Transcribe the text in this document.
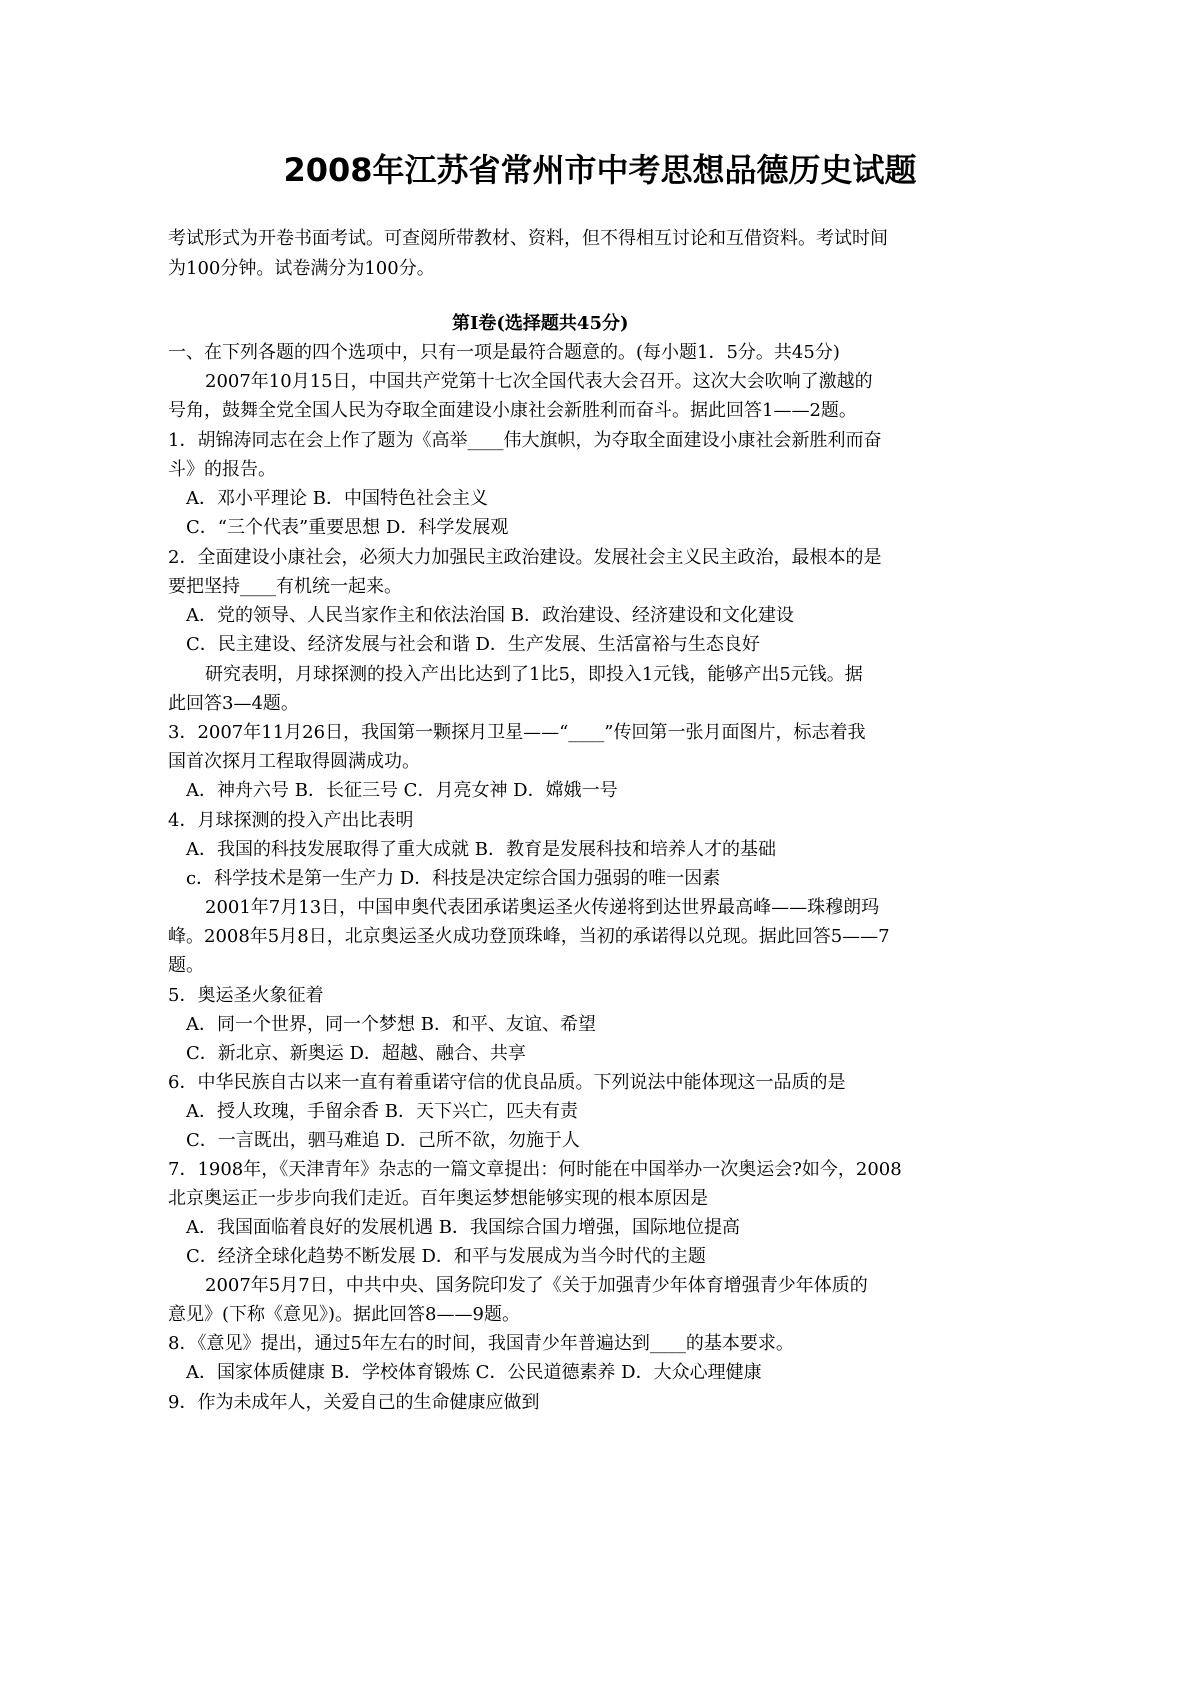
2008年江苏省常州市中考思想品德历史试题
考试形式为开卷书面考试。可查阅所带教材、资料，但不得相互讨论和互借资料。考试时间
为100分钟。试卷满分为100分。
第Ⅰ卷(选择题共45分)
一、在下列各题的四个选项中，只有一项是最符合题意的。(每小题1．5分。共45分)
2007年10月15日，中国共产党第十七次全国代表大会召开。这次大会吹响了激越的
号角，鼓舞全党全国人民为夺取全面建设小康社会新胜利而奋斗。据此回答1——2题。
1．胡锦涛同志在会上作了题为《高举____伟大旗帜，为夺取全面建设小康社会新胜利而奋
斗》的报告。
A．邓小平理论 B．中国特色社会主义
C．“三个代表”重要思想 D．科学发展观
2．全面建设小康社会，必须大力加强民主政治建设。发展社会主义民主政治，最根本的是
要把坚持____有机统一起来。
A．党的领导、人民当家作主和依法治国 B．政治建设、经济建设和文化建设
C．民主建设、经济发展与社会和谐 D．生产发展、生活富裕与生态良好
研究表明，月球探测的投入产出比达到了1比5，即投入1元钱，能够产出5元钱。据
此回答3—4题。
3．2007年11月26日，我国第一颗探月卫星——“____”传回第一张月面图片，标志着我
国首次探月工程取得圆满成功。
A．神舟六号 B．长征三号 C．月亮女神 D．嫦娥一号
4．月球探测的投入产出比表明
A．我国的科技发展取得了重大成就 B．教育是发展科技和培养人才的基础
c．科学技术是第一生产力 D．科技是决定综合国力强弱的唯一因素
2001年7月13日，中国申奥代表团承诺奥运圣火传递将到达世界最高峰——珠穆朗玛
峰。2008年5月8日，北京奥运圣火成功登顶珠峰，当初的承诺得以兑现。据此回答5——7
题。
5．奥运圣火象征着
A．同一个世界，同一个梦想 B．和平、友谊、希望
C．新北京、新奥运 D．超越、融合、共享
6．中华民族自古以来一直有着重诺守信的优良品质。下列说法中能体现这一品质的是
A．授人玫瑰，手留余香 B．天下兴亡，匹夫有责
C．一言既出，驷马难追 D．己所不欲，勿施于人
7．1908年，《天津青年》杂志的一篇文章提出：何时能在中国举办一次奥运会?如今，2008
北京奥运正一步步向我们走近。百年奥运梦想能够实现的根本原因是
A．我国面临着良好的发展机遇 B．我国综合国力增强，国际地位提高
C．经济全球化趋势不断发展 D．和平与发展成为当今时代的主题
2007年5月7日，中共中央、国务院印发了《关于加强青少年体育增强青少年体质的
意见》(下称《意见》)。据此回答8——9题。
8．《意见》提出，通过5年左右的时间，我国青少年普遍达到____的基本要求。
A．国家体质健康 B．学校体育锻炼 C．公民道德素养 D．大众心理健康
9．作为未成年人，关爱自己的生命健康应做到
